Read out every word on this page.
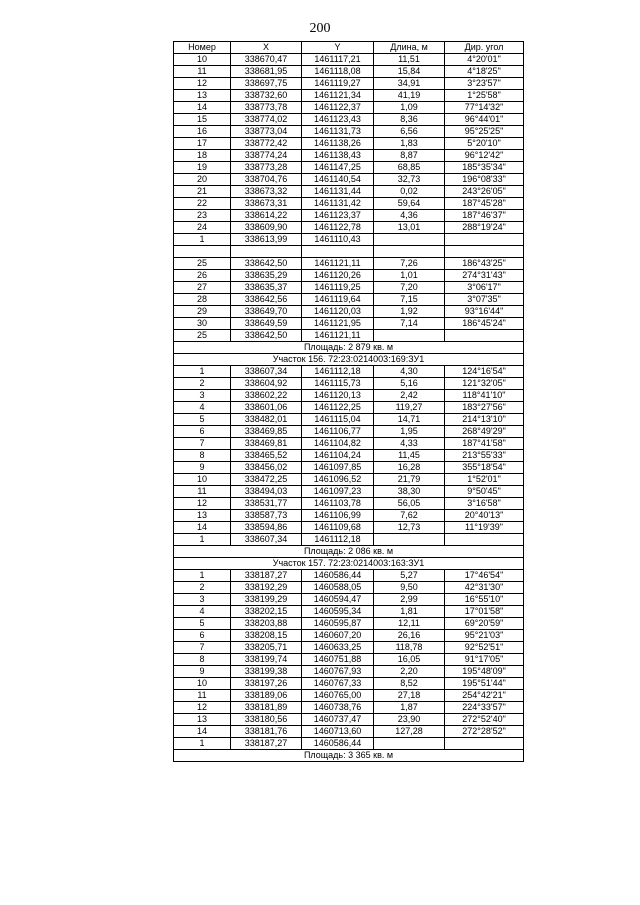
200
Номер	X	Y	Длина, м	Дир. угол
10	338670,47	1461117,21	11,51	4°20'01"
11	338681,95	1461118,08	15,84	4°18'25"
12	338697,75	1461119,27	34,91	3°23'57"
13	338732,60	1461121,34	41,19	1°25'58"
14	338773,78	1461122,37	1,09	77°14'32"
15	338774,02	1461123,43	8,36	96°44'01"
16	338773,04	1461131,73	6,56	95°25'25"
17	338772,42	1461138,26	1,83	5°20'10"
18	338774,24	1461138,43	8,87	96°12'42"
19	338773,28	1461147,25	68,85	185°35'34"
20	338704,76	1461140,54	32,73	196°08'33"
21	338673,32	1461131,44	0,02	243°26'05"
22	338673,31	1461131,42	59,64	187°45'28"
23	338614,22	1461123,37	4,36	187°46'37"
24	338609,90	1461122,78	13,01	288°19'24"
1	338613,99	1461110,43		

25	338642,50	1461121,11	7,26	186°43'25"
26	338635,29	1461120,26	1,01	274°31'43"
27	338635,37	1461119,25	7,20	3°06'17"
28	338642,56	1461119,64	7,15	3°07'35"
29	338649,70	1461120,03	1,92	93°16'44"
30	338649,59	1461121,95	7,14	186°45'24"
25	338642,50	1461121,11		
Площадь: 2 879 кв. м				
Участок 156. 72:23:0214003:169:ЗУ1				
1	338607,34	1461112,18	4,30	124°16'54"
2	338604,92	1461115,73	5,16	121°32'05"
3	338602,22	1461120,13	2,42	118°41'10"
4	338601,06	1461122,25	119,27	183°27'56"
5	338482,01	1461115,04	14,71	214°13'10"
6	338469,85	1461106,77	1,95	268°49'29"
7	338469,81	1461104,82	4,33	187°41'58"
8	338465,52	1461104,24	11,45	213°55'33"
9	338456,02	1461097,85	16,28	355°18'54"
10	338472,25	1461096,52	21,79	1°52'01"
11	338494,03	1461097,23	38,30	9°50'45"
12	338531,77	1461103,78	56,05	3°16'58"
13	338587,73	1461106,99	7,62	20°40'13"
14	338594,86	1461109,68	12,73	11°19'39"
1	338607,34	1461112,18		
Площадь: 2 086 кв. м				
Участок 157. 72:23:0214003:163:ЗУ1				
1	338187,27	1460586,44	5,27	17°46'54"
2	338192,29	1460588,05	9,50	42°31'30"
3	338199,29	1460594,47	2,99	16°55'10"
4	338202,15	1460595,34	1,81	17°01'58"
5	338203,88	1460595,87	12,11	69°20'59"
6	338208,15	1460607,20	26,16	95°21'03"
7	338205,71	1460633,25	118,78	92°52'51"
8	338199,74	1460751,88	16,05	91°17'05"
9	338199,38	1460767,93	2,20	195°48'09"
10	338197,26	1460767,33	8,52	195°51'44"
11	338189,06	1460765,00	27,18	254°42'21"
12	338181,89	1460738,76	1,87	224°33'57"
13	338180,56	1460737,47	23,90	272°52'40"
14	338181,76	1460713,60	127,28	272°28'52"
1	338187,27	1460586,44		
Площадь: 3 365 кв. м				
